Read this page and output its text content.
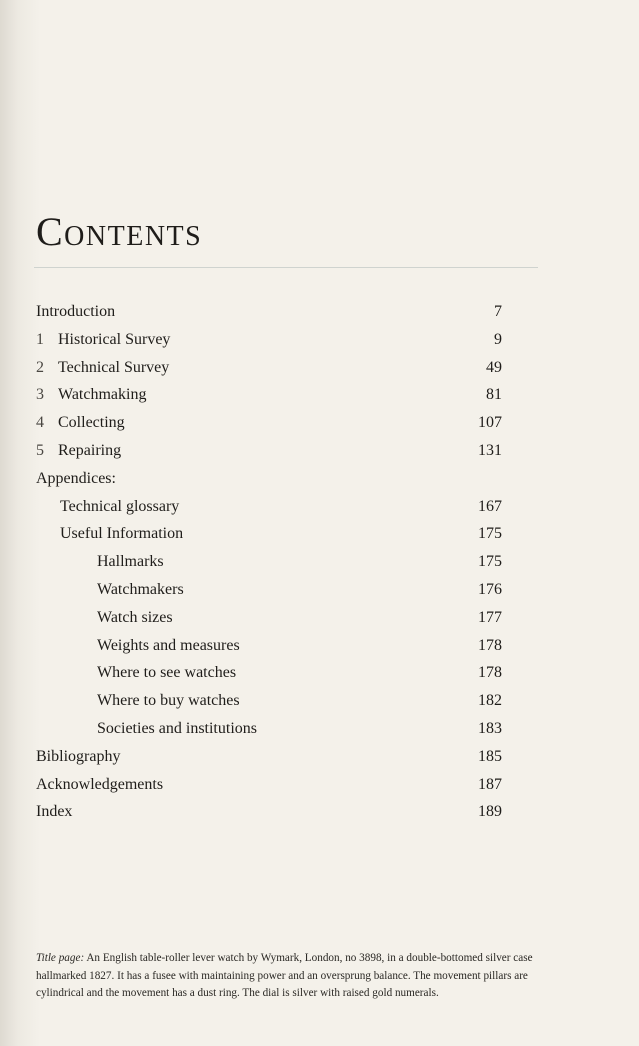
Contents
Introduction	7
1 Historical Survey	9
2 Technical Survey	49
3 Watchmaking	81
4 Collecting	107
5 Repairing	131
Appendices:
Technical glossary	167
Useful Information	175
Hallmarks	175
Watchmakers	176
Watch sizes	177
Weights and measures	178
Where to see watches	178
Where to buy watches	182
Societies and institutions	183
Bibliography	185
Acknowledgements	187
Index	189
Title page: An English table-roller lever watch by Wymark, London, no 3898, in a double-bottomed silver case hallmarked 1827. It has a fusee with maintaining power and an oversprung balance. The movement pillars are cylindrical and the movement has a dust ring. The dial is silver with raised gold numerals.
